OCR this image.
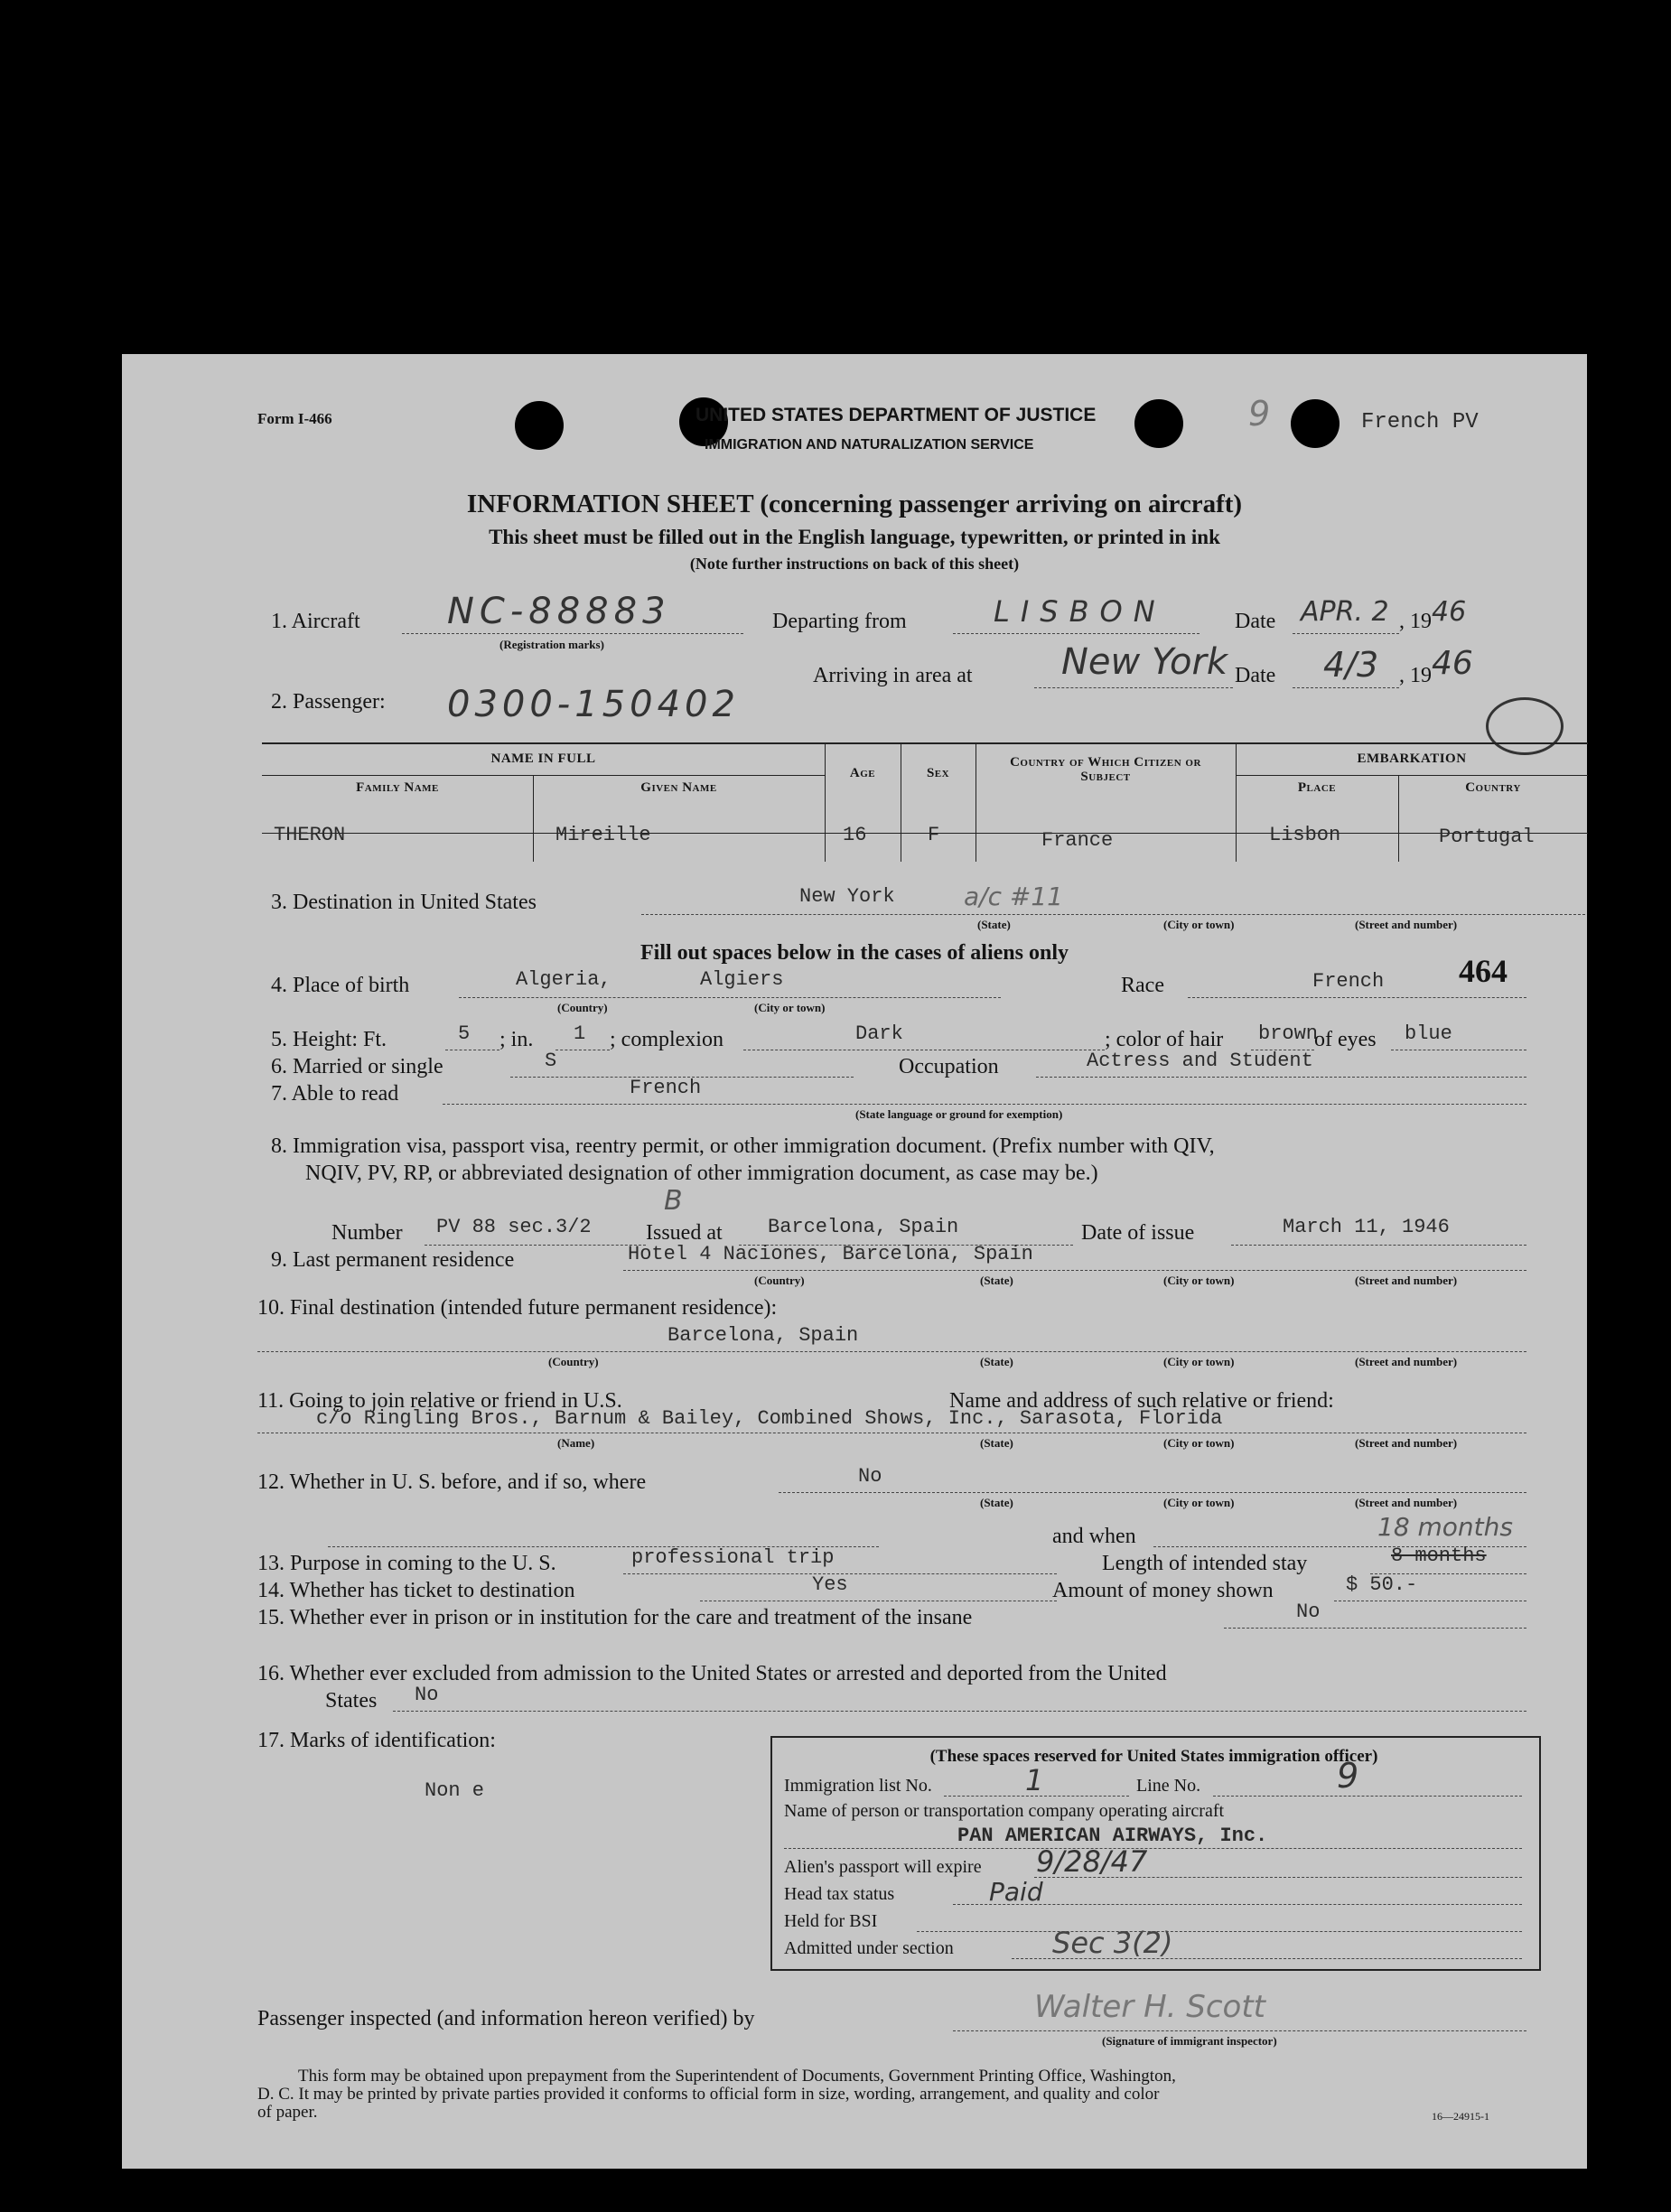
Form I-466	UNITED STATES DEPARTMENT OF JUSTICE
IMMIGRATION AND NATURALIZATION SERVICE
9	French PV
INFORMATION SHEET (concerning passenger arriving on aircraft)
This sheet must be filled out in the English language, typewritten, or printed in ink
(Note further instructions on back of this sheet)
1. Aircraft NC-88883
(Registration marks)
Departing from	LISBON	Date APR. 2 , 19 46
Arriving in area at New York Date 4/3 , 19 46
2. Passenger: 0300-150402
NAME IN FULL
Family Name	Given Name
Age	Sex
Country of Which Citizen or Subject
EMBARKATION
Place	Country
THERON	Mireille	16	F	France	Lisbon	Portugal
3. Destination in United States	New York	a/c #11
(State)	(City or town)	(Street and number)
Fill out spaces below in the cases of aliens only
4. Place of birth	Algeria,	Algiers
(Country)	(City or town)
Race	French 464
5. Height: Ft.	5 ; in. 1 ; complexion	Dark	; color of hair brown
of eyes blue
6. Married or single	S	Occupation	Actress and Student
7. Able to read	French
(State language or ground for exemption)
8. Immigration visa, passport visa, reentry permit, or other immigration document. (Prefix number with QIV,
NQIV, PV, RP, or abbreviated designation of other immigration document, as case may be.)
Number PV 88 sec.3/2
B
Issued at Barcelona, Spain	Date of issue	March 11, 1946
9. Last permanent residence	Hotel 4 Naciones, Barcelona, Spain
(Country)	(State)	(City or town)	(Street and number)
10. Final destination (intended future permanent residence):
Barcelona, Spain
(Country)	(State)	(City or town)	(Street and number)
11. Going to join relative or friend in U.S.	Name and address of such relative or friend:
c/o Ringling Bros., Barnum & Bailey, Combined Shows, Inc., Sarasota, Florida
(Name)	(State)	(City or town)	(Street and number)
12. Whether in U. S. before, and if so, where	No
(State)	(City or town)	(Street and number)
and when	18 months
13. Purpose in coming to the U. S.	professional trip	Length of intended stay	8 months
14. Whether has ticket to destination	Yes	Amount of money shown	$ 50.-
15. Whether ever in prison or in institution for the care and treatment of the insane	No
16. Whether ever excluded from admission to the United States or arrested and deported from the United
States No
17. Marks of identification:
Non e
(These spaces reserved for United States immigration officer)
Immigration list No.	1	Line No.	9
Name of person or transportation company operating aircraft
PAN AMERICAN AIRWAYS, Inc.
Alien's passport will expire 9/28/47
Head tax status	Paid
Held for BSI
Admitted under section	Sec 3(2)
Passenger inspected (and information hereon verified) by	Walter H. Scott
(Signature of immigrant inspector)
This form may be obtained upon prepayment from the Superintendent of Documents, Government Printing Office, Washington,
D. C. It may be printed by private parties provided it conforms to official form in size, wording, arrangement, and quality and color
of paper.	16—24915-1
